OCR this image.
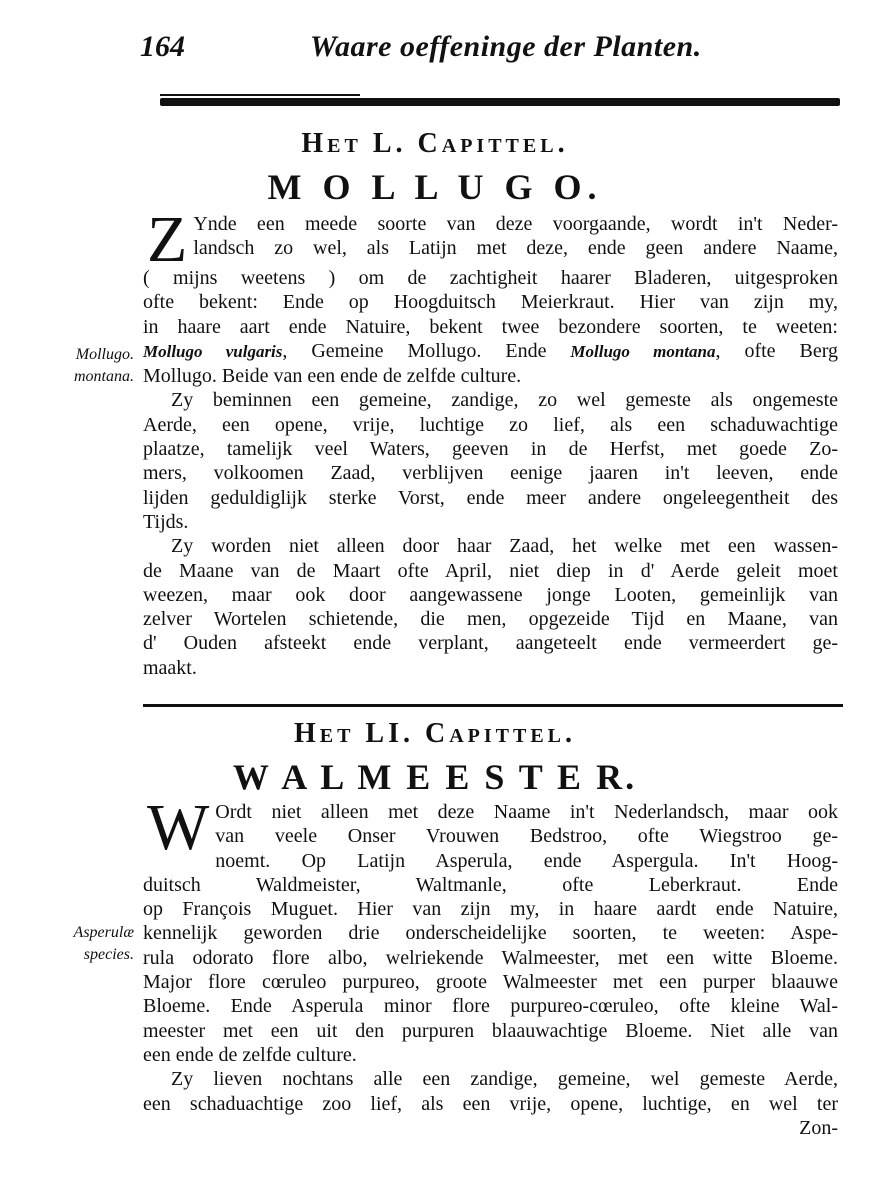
164	Waare oeffeninge der Planten.
Het L. Capittel.
M O L L U G O.
Mollugo.
montana.
Z Ynde een meede soorte van deze voorgaande, wordt in't Neder-

landsch zo wel, als Latijn met deze, ende geen andere Naame,

( mijns weetens ) om de zachtigheit haarer Bladeren, uitgesproken

ofte bekent: Ende op Hoogduitsch Meierkraut. Hier van zijn my,

in haare aart ende Natuire, bekent twee bezondere soorten, te weeten:

Mollugo vulgaris, Gemeine Mollugo. Ende Mollugo montana, ofte Berg

Mollugo. Beide van een ende de zelfde culture.

Zy beminnen een gemeine, zandige, zo wel gemeste als ongemeste

Aerde, een opene, vrije, luchtige zo lief, als een schaduwachtige

plaatze, tamelijk veel Waters, geeven in de Herfst, met goede Zo-

mers, volkoomen Zaad, verblijven eenige jaaren in't leeven, ende

lijden geduldiglijk sterke Vorst, ende meer andere ongeleegentheit des

Tijds.

Zy worden niet alleen door haar Zaad, het welke met een wassen-

de Maane van de Maart ofte April, niet diep in d' Aerde geleit moet

weezen, maar ook door aangewassene jonge Looten, gemeinlijk van

zelver Wortelen schietende, die men, opgezeide Tijd en Maane, van

d' Ouden afsteekt ende verplant, aangeteelt ende vermeerdert ge-

maakt.

Het LI. Capittel.
W A L M E E S T E R.
Asperulæ
species.
W Ordt niet alleen met deze Naame in't Nederlandsch, maar ook

van veele Onser Vrouwen Bedstroo, ofte Wiegstroo ge-

noemt. Op Latijn Asperula, ende Aspergula. In't Hoog-

duitsch Waldmeister, Waltmanle, ofte Leberkraut. Ende

op François Muguet. Hier van zijn my, in haare aardt ende Natuire,

kennelijk geworden drie onderscheidelijke soorten, te weeten: Aspe-

rula odorato flore albo, welriekende Walmeester, met een witte Bloeme.

Major flore cœruleo purpureo, groote Walmeester met een purper blaauwe

Bloeme. Ende Asperula minor flore purpureo-cœruleo, ofte kleine Wal-

meester met een uit den purpuren blaauwachtige Bloeme. Niet alle van

een ende de zelfde culture.

Zy lieven nochtans alle een zandige, gemeine, wel gemeste Aerde,

een schaduachtige zoo lief, als een vrije, opene, luchtige, en wel ter

Zon-
